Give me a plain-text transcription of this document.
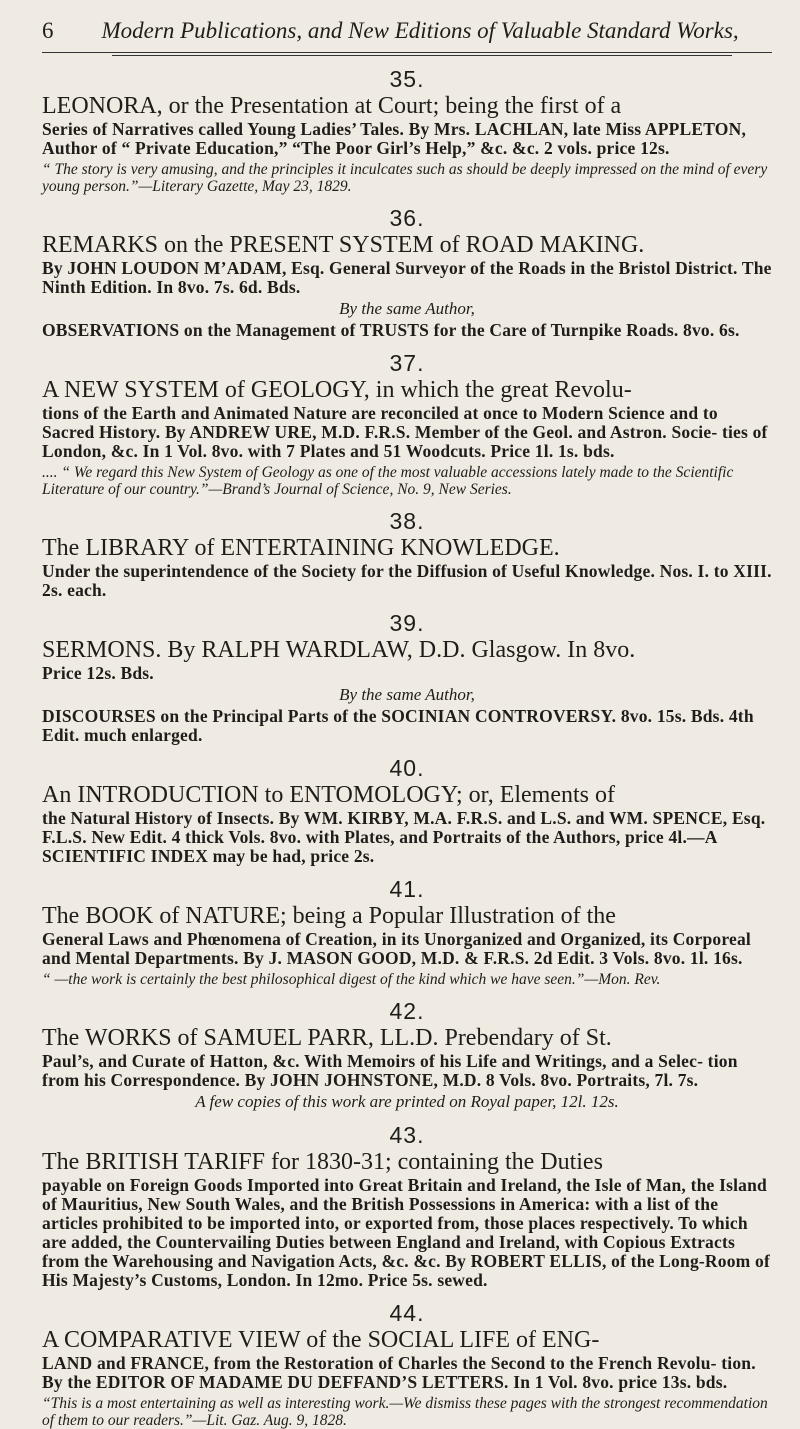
6 Modern Publications, and New Editions of Valuable Standard Works,

35.

LEONORA, or the Presentation at Court; being the first of a

Series of Narratives called Young Ladies’ Tales. By Mrs. LACHLAN, late Miss APPLETON, Author of “ Private Education,” “The Poor Girl’s Help,” &c. &c. 2 vols. price 12s.

“ The story is very amusing, and the principles it inculcates such as should be deeply impressed on the mind of every young person.”—Literary Gazette, May 23, 1829.

36.

REMARKS on the PRESENT SYSTEM of ROAD MAKING.

By JOHN LOUDON M’ADAM, Esq. General Surveyor of the Roads in the Bristol District. The Ninth Edition. In 8vo. 7s. 6d. Bds.

By the same Author,

OBSERVATIONS on the Management of TRUSTS for the Care of Turnpike Roads. 8vo. 6s.

37.

A NEW SYSTEM of GEOLOGY, in which the great Revolu-

tions of the Earth and Animated Nature are reconciled at once to Modern Science and to Sacred History. By ANDREW URE, M.D. F.R.S. Member of the Geol. and Astron. Socie- ties of London, &c. In 1 Vol. 8vo. with 7 Plates and 51 Woodcuts. Price 1l. 1s. bds.

.... “ We regard this New System of Geology as one of the most valuable accessions lately made to the Scientific Literature of our country.”—Brand’s Journal of Science, No. 9, New Series.

38.

The LIBRARY of ENTERTAINING KNOWLEDGE.

Under the superintendence of the Society for the Diffusion of Useful Knowledge. Nos. I. to XIII. 2s. each.

39.

SERMONS. By RALPH WARDLAW, D.D. Glasgow. In 8vo.

Price 12s. Bds.

By the same Author,

DISCOURSES on the Principal Parts of the SOCINIAN CONTROVERSY. 8vo. 15s. Bds. 4th Edit. much enlarged.

40.

An INTRODUCTION to ENTOMOLOGY; or, Elements of

the Natural History of Insects. By WM. KIRBY, M.A. F.R.S. and L.S. and WM. SPENCE, Esq. F.L.S. New Edit. 4 thick Vols. 8vo. with Plates, and Portraits of the Authors, price 4l.—A SCIENTIFIC INDEX may be had, price 2s.

41.

The BOOK of NATURE; being a Popular Illustration of the

General Laws and Phœnomena of Creation, in its Unorganized and Organized, its Corporeal and Mental Departments. By J. MASON GOOD, M.D. & F.R.S. 2d Edit. 3 Vols. 8vo. 1l. 16s.

“ —the work is certainly the best philosophical digest of the kind which we have seen.”—Mon. Rev.

42.

The WORKS of SAMUEL PARR, LL.D. Prebendary of St.

Paul’s, and Curate of Hatton, &c. With Memoirs of his Life and Writings, and a Selec- tion from his Correspondence. By JOHN JOHNSTONE, M.D. 8 Vols. 8vo. Portraits, 7l. 7s.

A few copies of this work are printed on Royal paper, 12l. 12s.

43.

The BRITISH TARIFF for 1830-31; containing the Duties

payable on Foreign Goods Imported into Great Britain and Ireland, the Isle of Man, the Island of Mauritius, New South Wales, and the British Possessions in America: with a list of the articles prohibited to be imported into, or exported from, those places respectively. To which are added, the Countervailing Duties between England and Ireland, with Copious Extracts from the Warehousing and Navigation Acts, &c. &c. By ROBERT ELLIS, of the Long-Room of His Majesty’s Customs, London. In 12mo. Price 5s. sewed.

44.

A COMPARATIVE VIEW of the SOCIAL LIFE of ENG-

LAND and FRANCE, from the Restoration of Charles the Second to the French Revolu- tion. By the EDITOR OF MADAME DU DEFFAND’S LETTERS. In 1 Vol. 8vo. price 13s. bds.

“This is a most entertaining as well as interesting work.—We dismiss these pages with the strongest recommendation of them to our readers.”—Lit. Gaz. Aug. 9, 1828.
